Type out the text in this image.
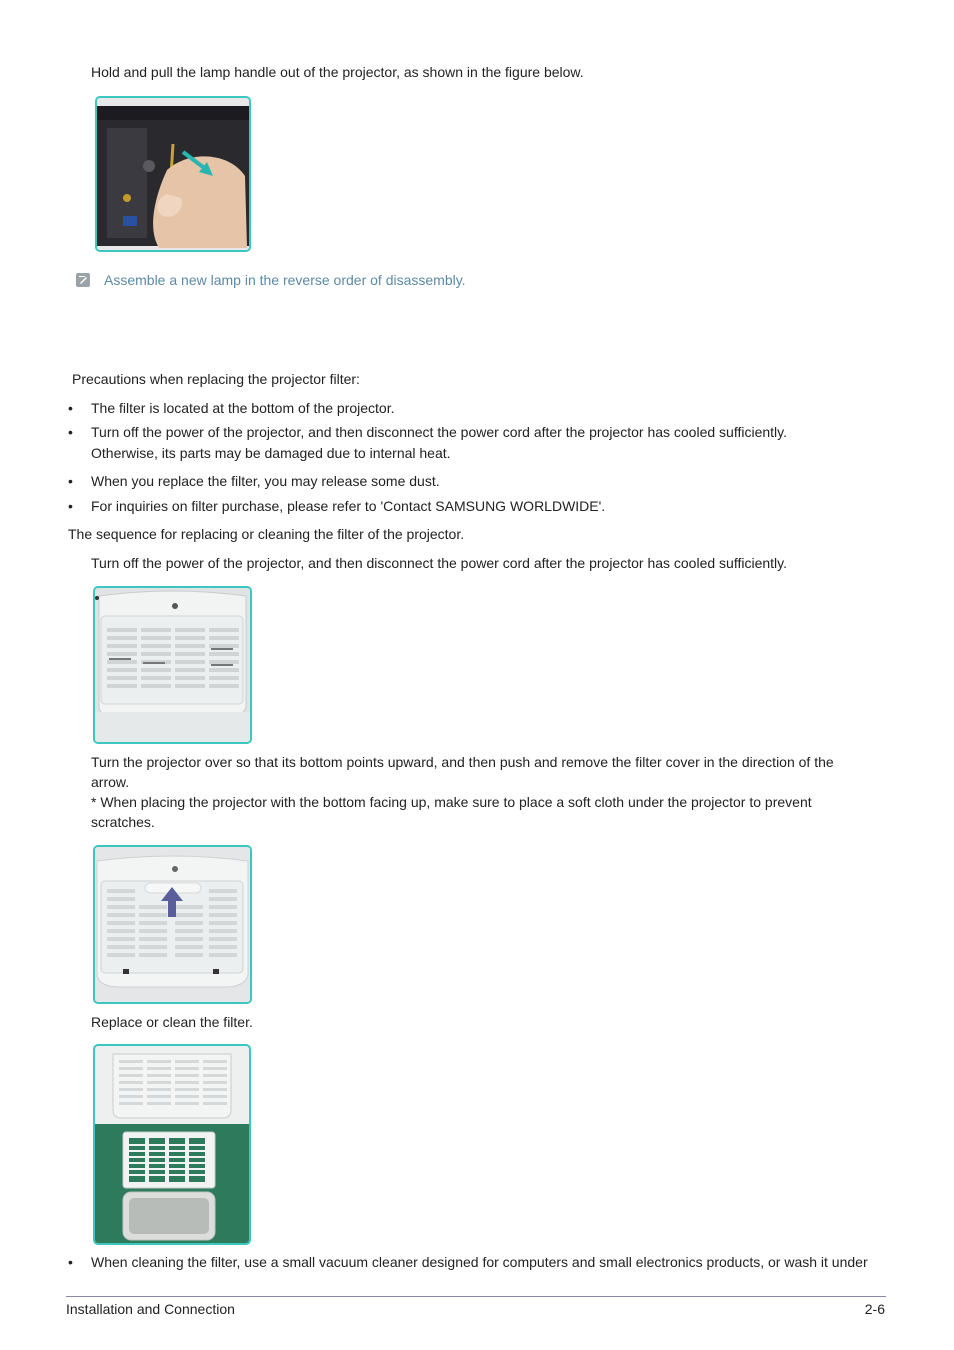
Hold and pull the lamp handle out of the projector, as shown in the figure below.
Assemble a new lamp in the reverse order of disassembly.
Precautions when replacing the projector filter:
• The filter is located at the bottom of the projector.
• Turn off the power of the projector, and then disconnect the power cord after the projector has cooled sufficiently. Otherwise, its parts may be damaged due to internal heat.
• When you replace the filter, you may release some dust.
• For inquiries on filter purchase, please refer to 'Contact SAMSUNG WORLDWIDE'.
The sequence for replacing or cleaning the filter of the projector.
Turn off the power of the projector, and then disconnect the power cord after the projector has cooled sufficiently.
Turn the projector over so that its bottom points upward, and then push and remove the filter cover in the direction of the arrow.
* When placing the projector with the bottom facing up, make sure to place a soft cloth under the projector to prevent scratches.
Replace or clean the filter.
• When cleaning the filter, use a small vacuum cleaner designed for computers and small electronics products, or wash it under
Installation and Connection	2-6
